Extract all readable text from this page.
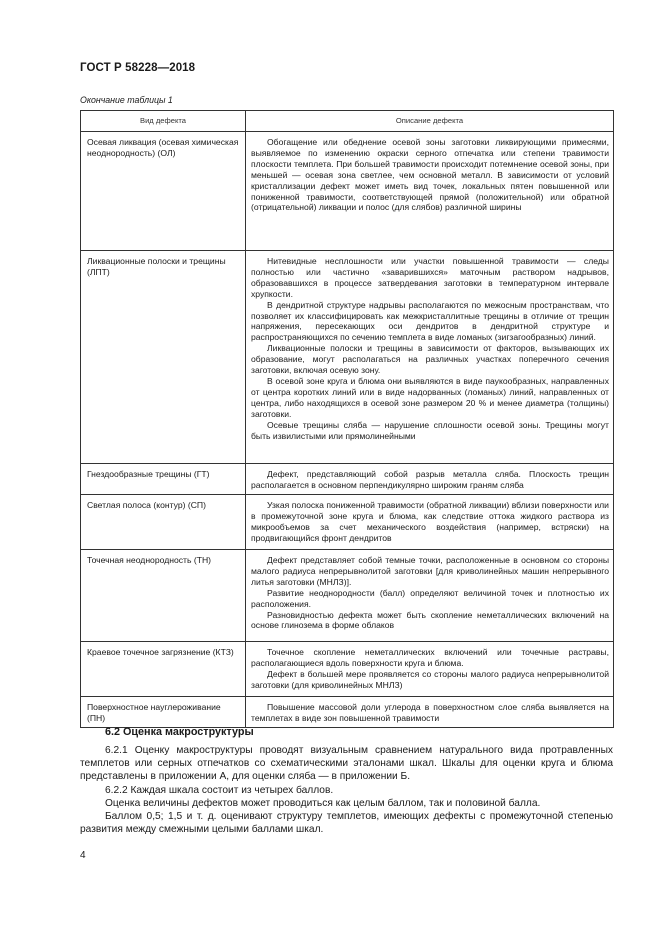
ГОСТ Р 58228—2018
Окончание таблицы 1
Вид дефекта	Описание дефекта
Осевая ликвация (осевая химическая неоднородность) (ОЛ)	Обогащение или обеднение осевой зоны заготовки ликвирующими примесями, выявляемое по изменению окраски серного отпечатка или степени травимости плоскости темплета. При большей травимости происходит потемнение осевой зоны, при меньшей — осевая зона светлее, чем основной металл. В зависимости от условий кристаллизации дефект может иметь вид точек, локальных пятен повышенной или пониженной травимости, соответствующей прямой (положительной) или обратной (отрицательной) ликвации и полос (для слябов) различной ширины

Ликвационные полоски и трещины (ЛПТ)	Нитевидные несплошности или участки повышенной травимости — следы полностью или частично «заварившихся» маточным раствором надрывов, образовавшихся в процессе затвердевания заготовки в температурном интервале хрупкости.

В дендритной структуре надрывы располагаются по межосным пространствам, что позволяет их классифицировать как межкристаллитные трещины в отличие от трещин напряжения, пересекающих оси дендритов в дендритной структуре и распространяющихся по сечению темплета в виде ломаных (зигзагообразных) линий.

Ликвационные полоски и трещины в зависимости от факторов, вызывающих их образование, могут располагаться на различных участках поперечного сечения заготовки, включая осевую зону.

В осевой зоне круга и блюма они выявляются в виде паукообразных, направленных от центра коротких линий или в виде надорванных (ломаных) линий, направленных от центра, либо находящихся в осевой зоне размером 20 % и менее диаметра (толщины) заготовки.

Осевые трещины сляба — нарушение сплошности осевой зоны. Трещины могут быть извилистыми или прямолинейными

Гнездообразные трещины (ГТ)	Дефект, представляющий собой разрыв металла сляба. Плоскость трещин располагается в основном перпендикулярно широким граням сляба

Светлая полоса (контур) (СП)	Узкая полоска пониженной травимости (обратной ликвации) вблизи поверхности или в промежуточной зоне круга и блюма, как следствие оттока жидкого раствора из микрообъемов за счет механического воздействия (например, встряски) на продвигающийся фронт дендритов

Точечная неоднородность (ТН)	Дефект представляет собой темные точки, расположенные в основном со стороны малого радиуса непрерывнолитой заготовки [для криволинейных машин непрерывного литья заготовки (МНЛЗ)].

Развитие неоднородности (балл) определяют величиной точек и плотностью их расположения.

Разновидностью дефекта может быть скопление неметаллических включений на основе глинозема в форме облаков

Краевое точечное загрязнение (КТЗ)	Точечное скопление неметаллических включений или точечные растравы, располагающиеся вдоль поверхности круга и блюма.

Дефект в большей мере проявляется со стороны малого радиуса непрерывнолитой заготовки (для криволинейных МНЛЗ)

Поверхностное науглероживание (ПН)	Повышение массовой доли углерода в поверхностном слое сляба выявляется на темплетах в виде зон повышенной травимости

6.2 Оценка макроструктуры

6.2.1 Оценку макроструктуры проводят визуальным сравнением натурального вида протравленных темплетов или серных отпечатков со схематическими эталонами шкал. Шкалы для оценки круга и блюма представлены в приложении А, для оценки сляба — в приложении Б.

6.2.2 Каждая шкала состоит из четырех баллов.

Оценка величины дефектов может проводиться как целым баллом, так и половиной балла.

Баллом 0,5; 1,5 и т. д. оценивают структуру темплетов, имеющих дефекты с промежуточной степенью развития между смежными целыми баллами шкал.

4
